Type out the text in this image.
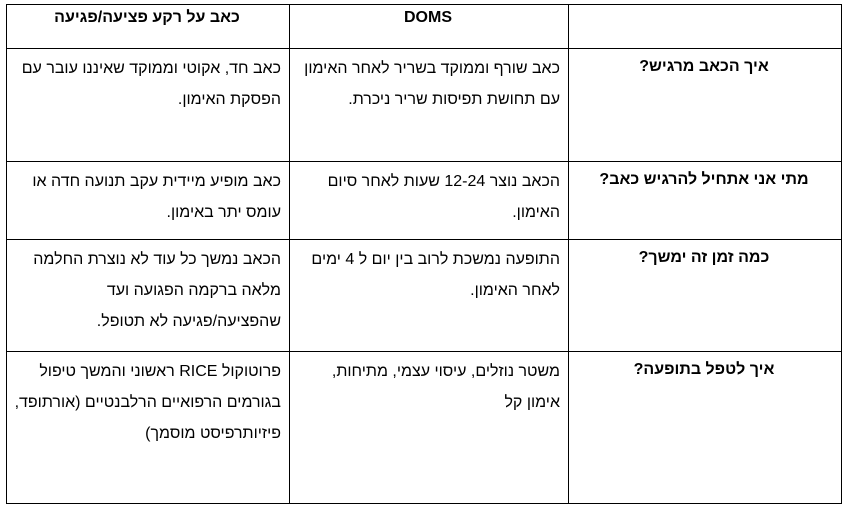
	DOMS	כאב על רקע פציעה/פגיעה
איך הכאב מרגיש?	כאב שורף וממוקד בשריר לאחר האימון עם תחושת תפיסות שריר ניכרת.	כאב חד, אקוטי וממוקד שאיננו עובר עם הפסקת האימון.
מתי אני אתחיל להרגיש כאב?	הכאב נוצר 12-24 שעות לאחר סיום האימון.	כאב מופיע מיידית עקב תנועה חדה או עומס יתר באימון.
כמה זמן זה ימשך?	התופעה נמשכת לרוב בין יום ל 4 ימים לאחר האימון.	הכאב נמשך כל עוד לא נוצרת החלמה מלאה ברקמה הפגועה ועד שהפציעה/פגיעה לא תטופל.
איך לטפל בתופעה?	משטר נוזלים, עיסוי עצמי, מתיחות, אימון קל	פרוטוקול RICE ראשוני והמשך טיפול בגורמים הרפואיים הרלבנטיים (אורתופד, פיזיותרפיסט מוסמך)
